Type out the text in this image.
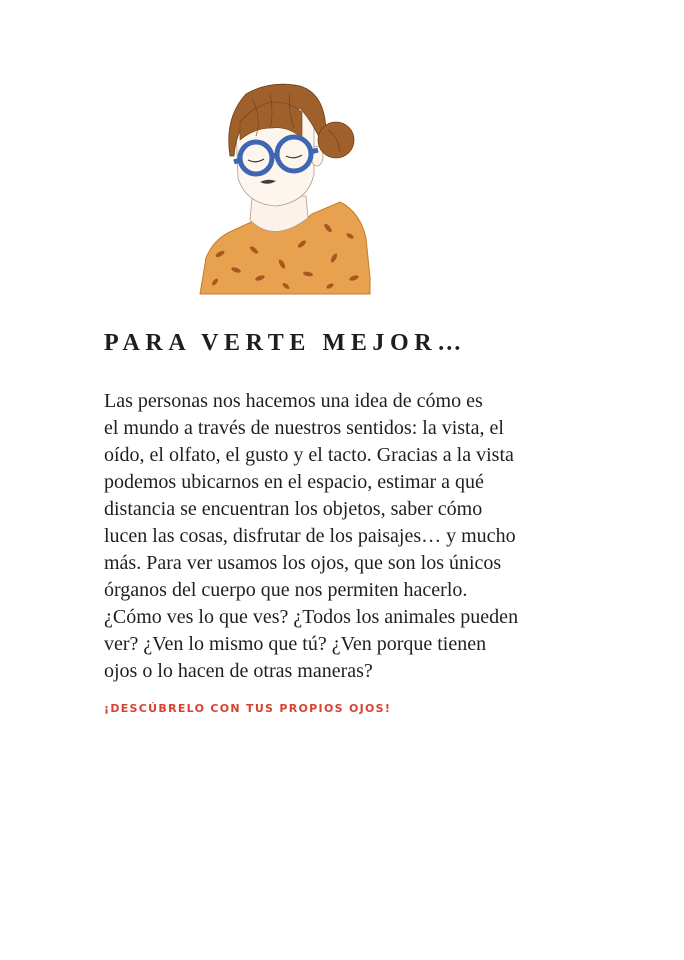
PARA VERTE MEJOR…

Las personas nos hacemos una idea de cómo es
el mundo a través de nuestros sentidos: la vista, el
oído, el olfato, el gusto y el tacto. Gracias a la vista
podemos ubicarnos en el espacio, estimar a qué
distancia se encuentran los objetos, saber cómo
lucen las cosas, disfrutar de los paisajes… y mucho
más. Para ver usamos los ojos, que son los únicos
órganos del cuerpo que nos permiten hacerlo.
¿Cómo ves lo que ves? ¿Todos los animales pueden
ver? ¿Ven lo mismo que tú? ¿Ven porque tienen
ojos o lo hacen de otras maneras?

¡DESCÚBRELO CON TUS PROPIOS OJOS!
